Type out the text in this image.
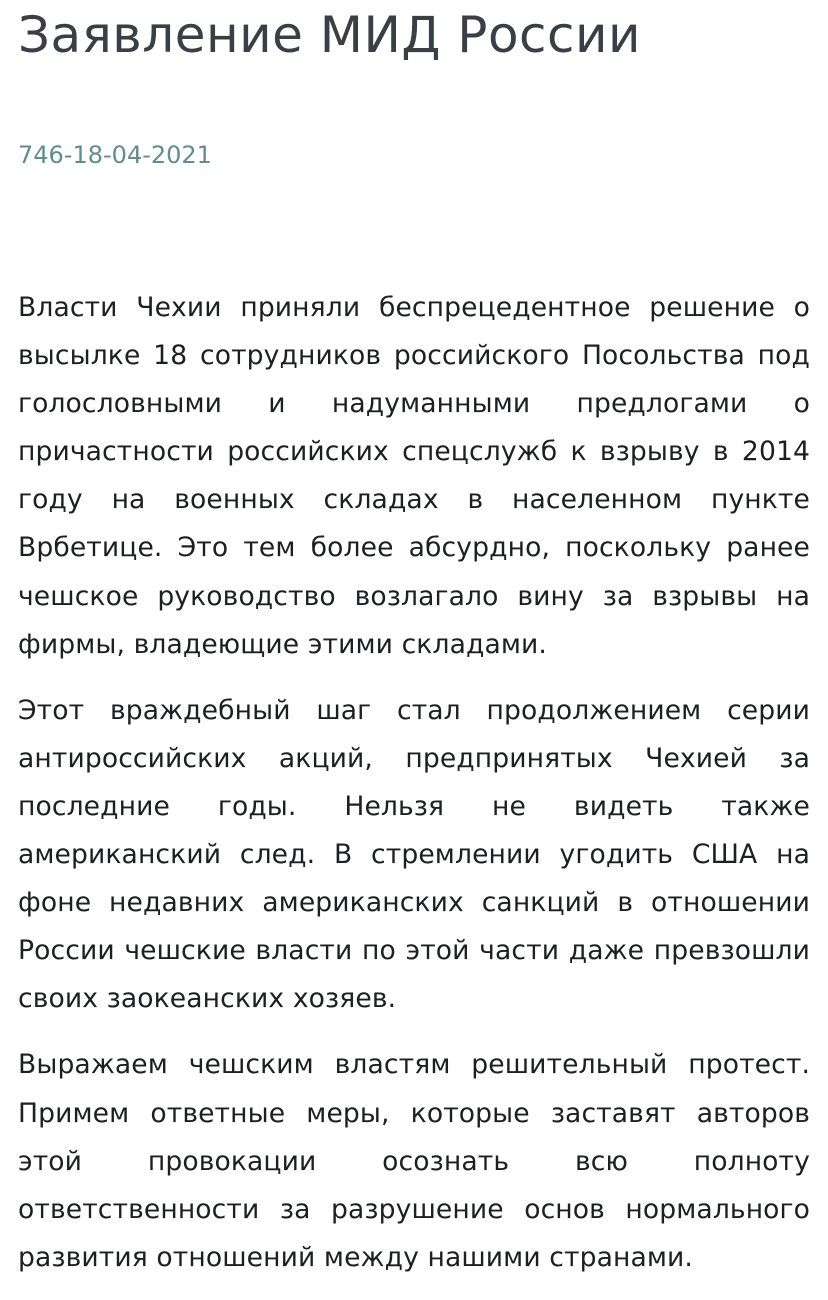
Заявление МИД России

746-18-04-2021

Власти Чехии приняли беспрецедентное решение о высылке 18 сотрудников российского Посольства под голословными и надуманными предлогами о причастности российских спецслужб к взрыву в 2014 году на военных складах в населенном пункте Врбетице. Это тем более абсурдно, поскольку ранее чешское руководство возлагало вину за взрывы на фирмы, владеющие этими складами.

Этот враждебный шаг стал продолжением серии антироссийских акций, предпринятых Чехией за последние годы. Нельзя не видеть также американский след. В стремлении угодить США на фоне недавних американских санкций в отношении России чешские власти по этой части даже превзошли своих заокеанских хозяев.

Выражаем чешским властям решительный протест. Примем ответные меры, которые заставят авторов этой провокации осознать всю полноту ответственности за разрушение основ нормального развития отношений между нашими странами.
